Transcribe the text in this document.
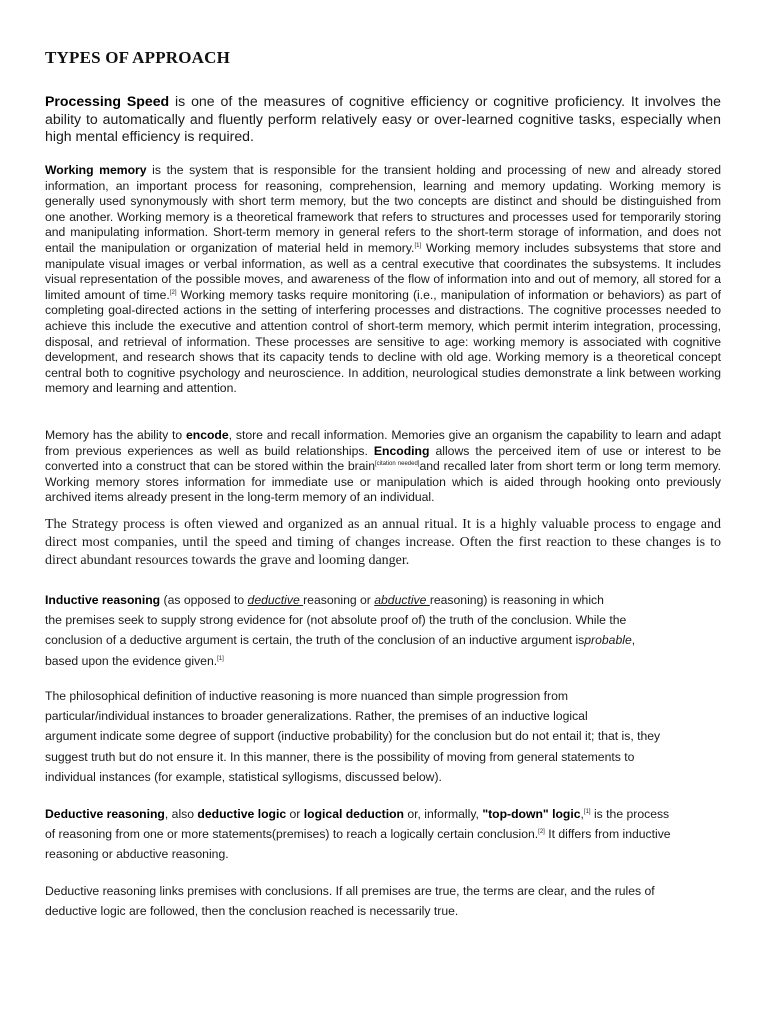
TYPES OF APPROACH

Processing Speed is one of the measures of cognitive efficiency or cognitive proficiency. It involves the ability to automatically and fluently perform relatively easy or over-learned cognitive tasks, especially when high mental efficiency is required.

Working memory is the system that is responsible for the transient holding and processing of new and already stored information, an important process for reasoning, comprehension, learning and memory updating. Working memory is generally used synonymously with short term memory, but the two concepts are distinct and should be distinguished from one another. Working memory is a theoretical framework that refers to structures and processes used for temporarily storing and manipulating information. Short-term memory in general refers to the short-term storage of information, and does not entail the manipulation or organization of material held in memory.[1] Working memory includes subsystems that store and manipulate visual images or verbal information, as well as a central executive that coordinates the subsystems. It includes visual representation of the possible moves, and awareness of the flow of information into and out of memory, all stored for a limited amount of time.[2] Working memory tasks require monitoring (i.e., manipulation of information or behaviors) as part of completing goal-directed actions in the setting of interfering processes and distractions. The cognitive processes needed to achieve this include the executive and attention control of short-term memory, which permit interim integration, processing, disposal, and retrieval of information. These processes are sensitive to age: working memory is associated with cognitive development, and research shows that its capacity tends to decline with old age. Working memory is a theoretical concept central both to cognitive psychology and neuroscience. In addition, neurological studies demonstrate a link between working memory and learning and attention.

Memory has the ability to encode, store and recall information. Memories give an organism the capability to learn and adapt from previous experiences as well as build relationships. Encoding allows the perceived item of use or interest to be converted into a construct that can be stored within the brain[citation needed]and recalled later from short term or long term memory. Working memory stores information for immediate use or manipulation which is aided through hooking onto previously archived items already present in the long-term memory of an individual.

The Strategy process is often viewed and organized as an annual ritual. It is a highly valuable process to engage and direct most companies, until the speed and timing of changes increase. Often the first reaction to these changes is to direct abundant resources towards the grave and looming danger.

Inductive reasoning (as opposed to deductive reasoning or abductive reasoning) is reasoning in which
the premises seek to supply strong evidence for (not absolute proof of) the truth of the conclusion. While the
conclusion of a deductive argument is certain, the truth of the conclusion of an inductive argument isprobable,
based upon the evidence given.[1]

The philosophical definition of inductive reasoning is more nuanced than simple progression from
particular/individual instances to broader generalizations. Rather, the premises of an inductive logical
argument indicate some degree of support (inductive probability) for the conclusion but do not entail it; that is, they
suggest truth but do not ensure it. In this manner, there is the possibility of moving from general statements to
individual instances (for example, statistical syllogisms, discussed below).

Deductive reasoning, also deductive logic or logical deduction or, informally, "top-down" logic,[1] is the process
of reasoning from one or more statements(premises) to reach a logically certain conclusion.[2] It differs from inductive
reasoning or abductive reasoning.

Deductive reasoning links premises with conclusions. If all premises are true, the terms are clear, and the rules of
deductive logic are followed, then the conclusion reached is necessarily true.
